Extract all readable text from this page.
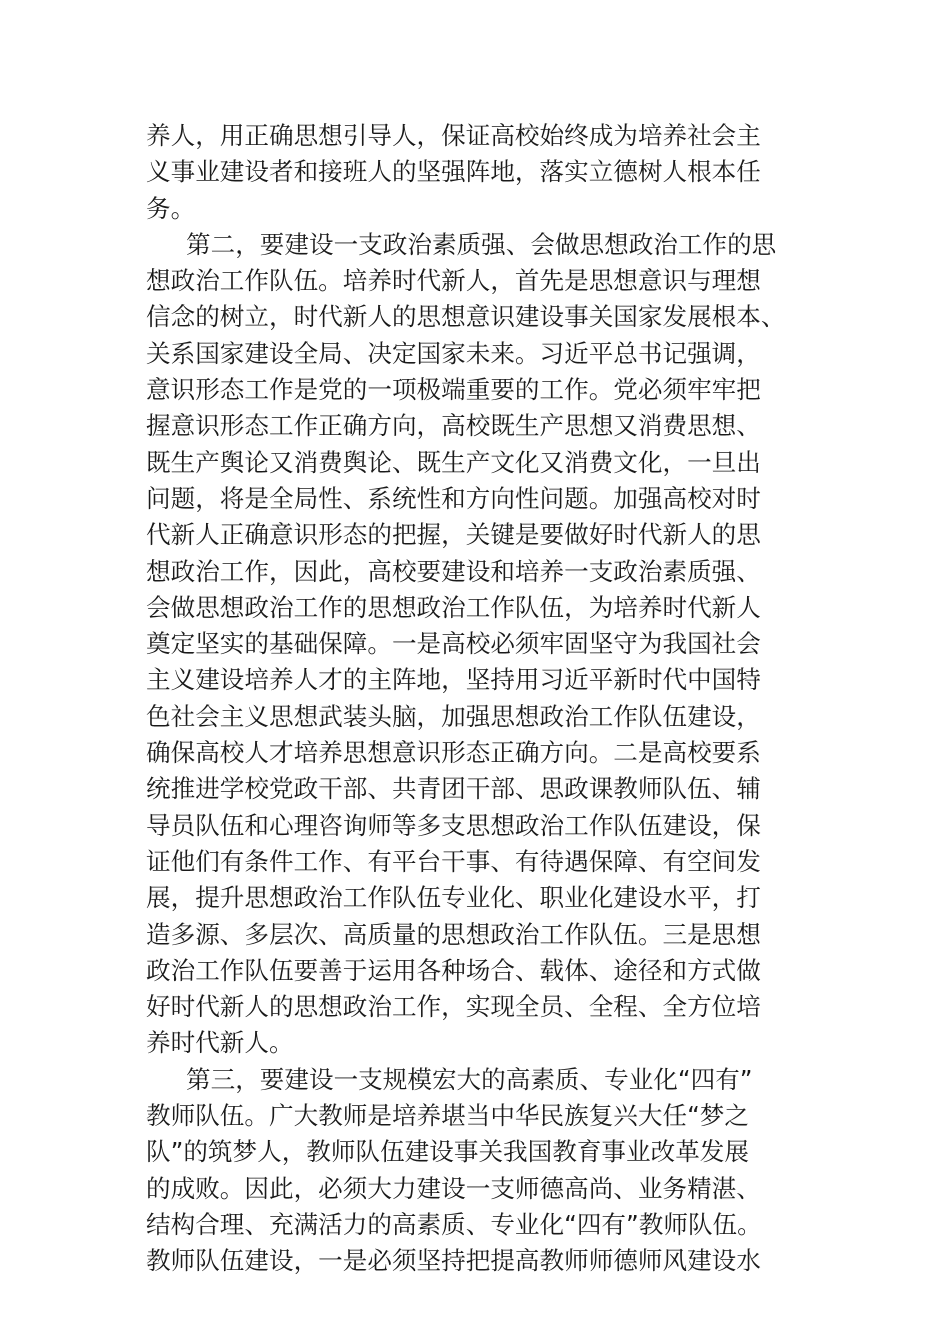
养人，用正确思想引导人，保证高校始终成为培养社会主
义事业建设者和接班人的坚强阵地，落实立德树人根本任
务。
第二，要建设一支政治素质强、会做思想政治工作的思
想政治工作队伍。培养时代新人，首先是思想意识与理想
信念的树立，时代新人的思想意识建设事关国家发展根本、
关系国家建设全局、决定国家未来。习近平总书记强调，
意识形态工作是党的一项极端重要的工作。党必须牢牢把
握意识形态工作正确方向，高校既生产思想又消费思想、
既生产舆论又消费舆论、既生产文化又消费文化，一旦出
问题，将是全局性、系统性和方向性问题。加强高校对时
代新人正确意识形态的把握，关键是要做好时代新人的思
想政治工作，因此，高校要建设和培养一支政治素质强、
会做思想政治工作的思想政治工作队伍，为培养时代新人
奠定坚实的基础保障。一是高校必须牢固坚守为我国社会
主义建设培养人才的主阵地，坚持用习近平新时代中国特
色社会主义思想武装头脑，加强思想政治工作队伍建设，
确保高校人才培养思想意识形态正确方向。二是高校要系
统推进学校党政干部、共青团干部、思政课教师队伍、辅
导员队伍和心理咨询师等多支思想政治工作队伍建设，保
证他们有条件工作、有平台干事、有待遇保障、有空间发
展，提升思想政治工作队伍专业化、职业化建设水平，打
造多源、多层次、高质量的思想政治工作队伍。三是思想
政治工作队伍要善于运用各种场合、载体、途径和方式做
好时代新人的思想政治工作，实现全员、全程、全方位培
养时代新人。
第三，要建设一支规模宏大的高素质、专业化“四有”
教师队伍。广大教师是培养堪当中华民族复兴大任“梦之
队”的筑梦人，教师队伍建设事关我国教育事业改革发展
的成败。因此，必须大力建设一支师德高尚、业务精湛、
结构合理、充满活力的高素质、专业化“四有”教师队伍。
教师队伍建设，一是必须坚持把提高教师师德师风建设水
